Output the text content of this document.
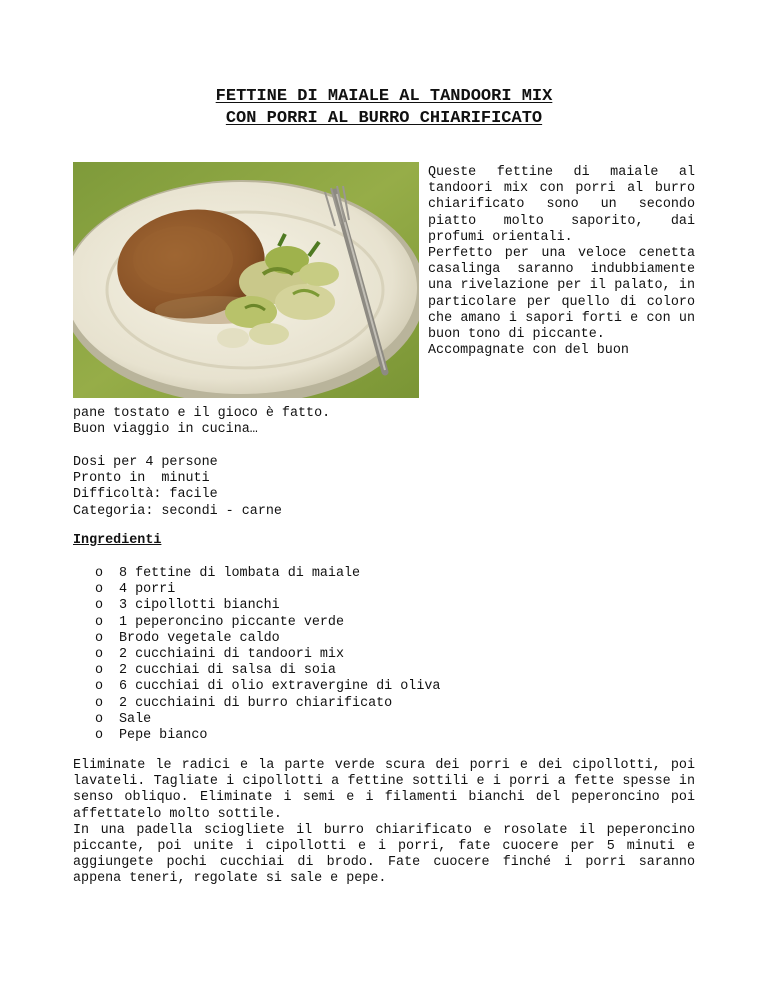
FETTINE DI MAIALE AL TANDOORI MIX
CON PORRI AL BURRO CHIARIFICATO

Queste fettine di maiale al tandoori mix con porri al burro chiarificato sono un secondo piatto molto saporito, dai profumi orientali.

Perfetto per una veloce cenetta casalinga saranno indubbiamente una rivelazione per il palato, in particolare per quello di coloro che amano i sapori forti e con un buon tono di piccante.

Accompagnate con del buon

pane tostato e il gioco è fatto.
Buon viaggio in cucina…
Dosi per 4 persone
Pronto in  minuti
Difficoltà: facile
Categoria: secondi - carne
Ingredienti
o	8 fettine di lombata di maiale
o	4 porri
o	3 cipollotti bianchi
o	1 peperoncino piccante verde
o	Brodo vegetale caldo
o	2 cucchiaini di tandoori mix
o	2 cucchiai di salsa di soia
o	6 cucchiai di olio extravergine di oliva
o	2 cucchiaini di burro chiarificato
o	Sale
o	Pepe bianco

Eliminate le radici e la parte verde scura dei porri e dei cipollotti, poi lavateli. Tagliate i cipollotti a fettine sottili e i porri a fette spesse in senso obliquo. Eliminate i semi e i filamenti bianchi del peperoncino poi affettatelo molto sottile.

In una padella sciogliete il burro chiarificato e rosolate il peperoncino piccante, poi unite i cipollotti e i porri, fate cuocere per 5 minuti e aggiungete pochi cucchiai di brodo. Fate cuocere finché i porri saranno appena teneri, regolate si sale e pepe.
